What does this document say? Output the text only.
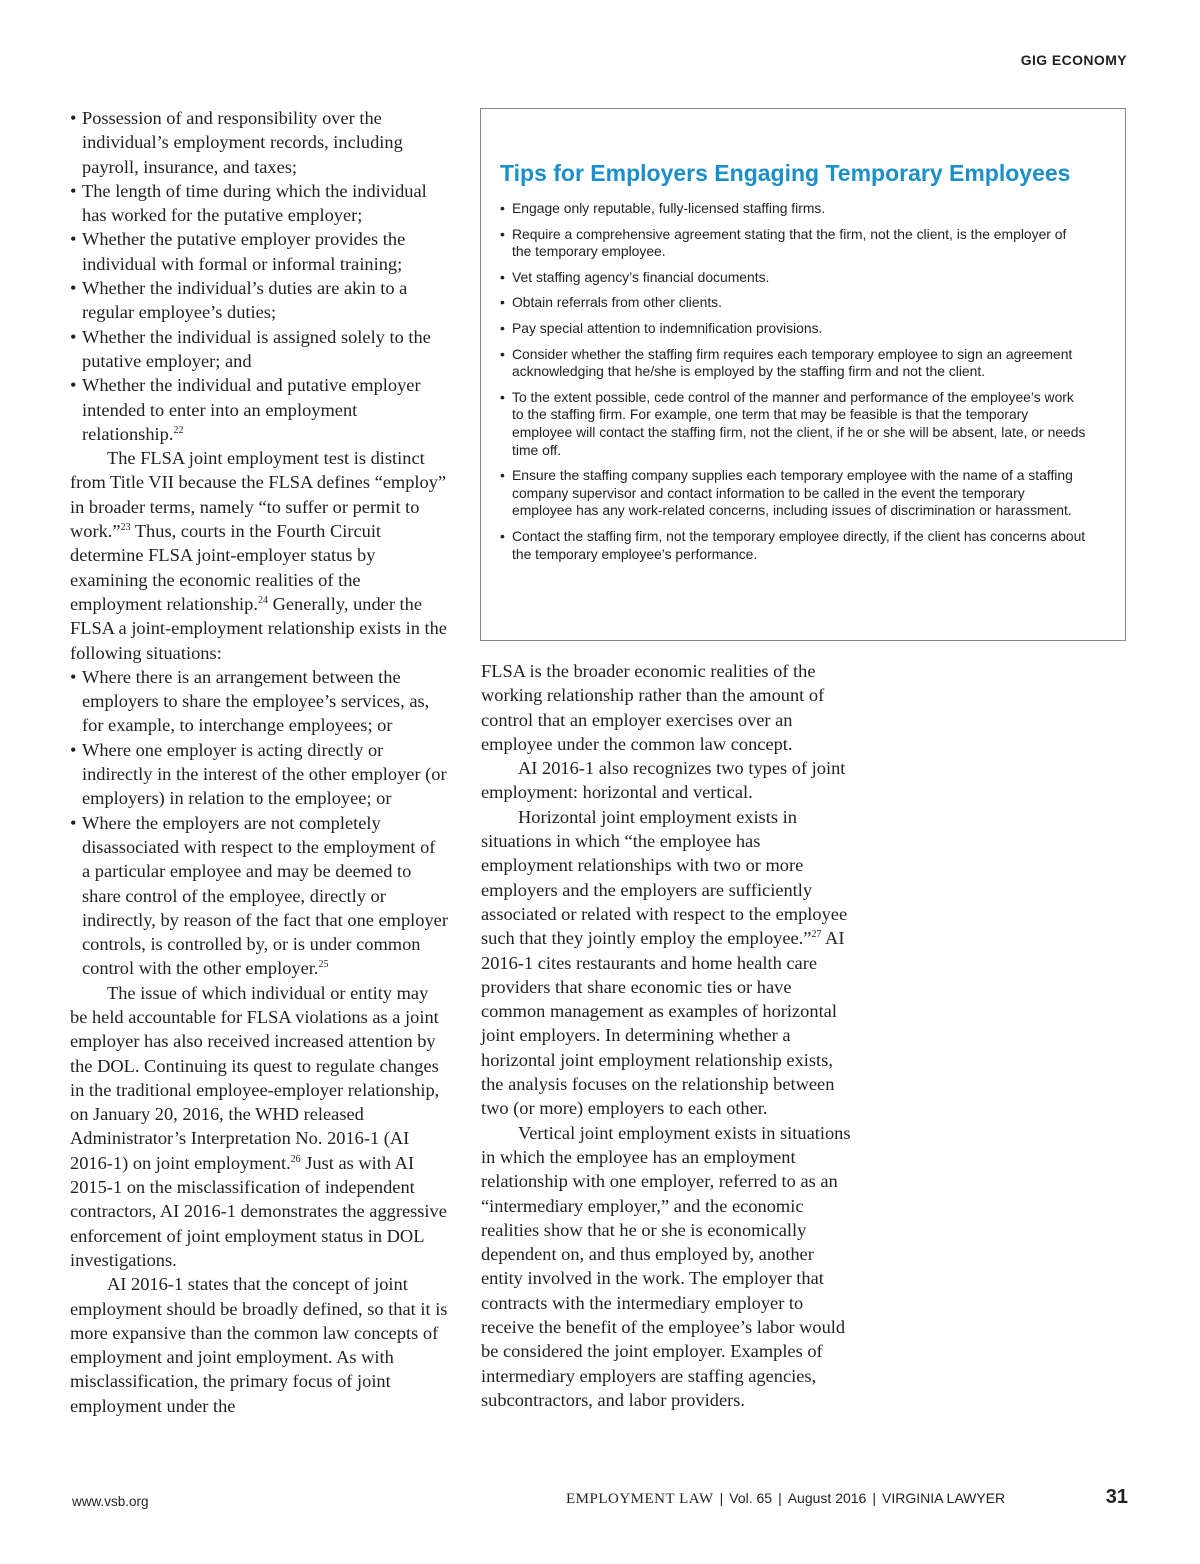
GIG ECONOMY
• Possession of and responsibility over the individual’s employment records, including payroll, insurance, and taxes;
• The length of time during which the individual has worked for the putative employer;
• Whether the putative employer provides the individual with formal or informal training;
• Whether the individual’s duties are akin to a regular employee’s duties;
• Whether the individual is assigned solely to the putative employer; and
• Whether the individual and putative employer intended to enter into an employment relationship.$^{22}$

The FLSA joint employment test is distinct from Title VII because the FLSA defines “employ” in broader terms, namely “to suffer or permit to work.”$^{23}$ Thus, courts in the Fourth Circuit determine FLSA joint-employer status by examining the economic realities of the employment relationship.$^{24}$ Generally, under the FLSA a joint-employment relationship exists in the following situations:

• Where there is an arrangement between the employers to share the employee’s services, as, for example, to interchange employees; or
• Where one employer is acting directly or indirectly in the interest of the other employer (or employers) in relation to the employee; or
• Where the employers are not completely disassociated with respect to the employment of a particular employee and may be deemed to share control of the employee, directly or indirectly, by reason of the fact that one employer controls, is controlled by, or is under common control with the other employer.$^{25}$

The issue of which individual or entity may be held accountable for FLSA violations as a joint employer has also received increased attention by the DOL. Continuing its quest to regulate changes in the traditional employee-employer relationship, on January 20, 2016, the WHD released Administrator’s Interpretation No. 2016-1 (AI 2016-1) on joint employment.$^{26}$ Just as with AI 2015-1 on the misclassification of independent contractors, AI 2016-1 demonstrates the aggressive enforcement of joint employment status in DOL investigations.

AI 2016-1 states that the concept of joint employment should be broadly defined, so that it is more expansive than the common law concepts of employment and joint employment. As with misclassification, the primary focus of joint employment under the

Tips for Employers Engaging Temporary Employees
• Engage only reputable, fully-licensed staffing firms.
• Require a comprehensive agreement stating that the firm, not the client, is the employer of the temporary employee.
• Vet staffing agency’s financial documents.
• Obtain referrals from other clients.
• Pay special attention to indemnification provisions.
• Consider whether the staffing firm requires each temporary employee to sign an agreement acknowledging that he/she is employed by the staffing firm and not the client.
• To the extent possible, cede control of the manner and performance of the employee’s work to the staffing firm. For example, one term that may be feasible is that the temporary employee will contact the staffing firm, not the client, if he or she will be absent, late, or needs time off.
• Ensure the staffing company supplies each temporary employee with the name of a staffing company supervisor and contact information to be called in the event the temporary employee has any work-related concerns, including issues of discrimination or harassment.
• Contact the staffing firm, not the temporary employee directly, if the client has concerns about the temporary employee’s performance.

FLSA is the broader economic realities of the working relationship rather than the amount of control that an employer exercises over an employee under the common law concept.

AI 2016-1 also recognizes two types of joint employment: horizontal and vertical.

Horizontal joint employment exists in situations in which “the employee has employment relationships with two or more employers and the employers are sufficiently associated or related with respect to the employee such that they jointly employ the employee.”$^{27}$ AI 2016-1 cites restaurants and home health care providers that share economic ties or have common management as examples of horizontal joint employers. In determining whether a horizontal joint employment relationship exists, the analysis focuses on the relationship between two (or more) employers to each other.

Vertical joint employment exists in situations in which the employee has an employment relationship with one employer, referred to as an “intermediary employer,” and the economic realities show that he or she is economically dependent on, and thus employed by, another entity involved in the work. The employer that contracts with the intermediary employer to receive the benefit of the employee’s labor would be considered the joint employer. Examples of intermediary employers are staffing agencies, subcontractors, and labor providers.

www.vsb.org	EMPLOYMENT LAW | Vol. 65 | August 2016 | VIRGINIA LAWYER	31
